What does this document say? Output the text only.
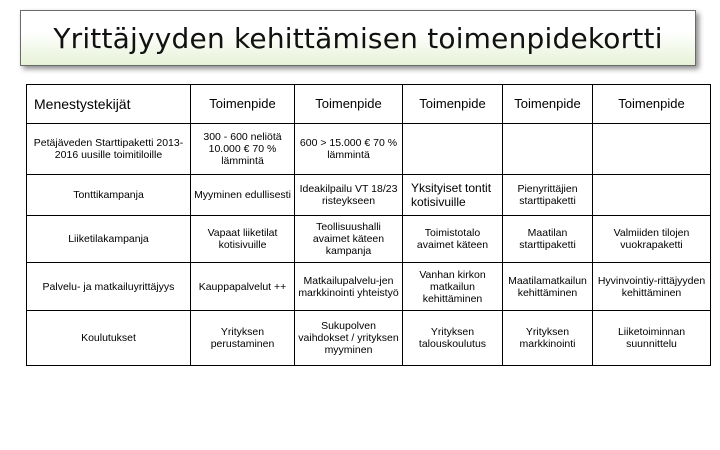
Yrittäjyyden kehittämisen toimenpidekortti
Menestystekijät	Toimenpide	Toimenpide	Toimenpide	Toimenpide	Toimenpide
Petäjäveden Starttipaketti 2013-2016 uusille toimitiloille	300 - 600 neliötä 10.000 € 70 % lämmintä	600 > 15.000 € 70 % lämmintä			
Tonttikampanja	Myyminen edullisesti	Ideakilpailu VT 18/23 risteykseen	Yksityiset tontit kotisivuille	Pienyrittäjien starttipaketti	
Liiketilakampanja	Vapaat liiketilat kotisivuille	Teollisuushalli avaimet käteen kampanja	Toimistotalo avaimet käteen	Maatilan starttipaketti	Valmiiden tilojen vuokrapaketti
Palvelu- ja matkailuyrittäjyys	Kauppapalvelut ++	Matkailupalvelu-jen markkinointi yhteistyö	Vanhan kirkon matkailun kehittäminen	Maatilamatkailun kehittäminen	Hyvinvointiy-rittäjyyden kehittäminen
Koulutukset	Yrityksen perustaminen	Sukupolven vaihdokset / yrityksen myyminen	Yrityksen talouskoulutus	Yrityksen markkinointi	Liiketoiminnan suunnittelu
